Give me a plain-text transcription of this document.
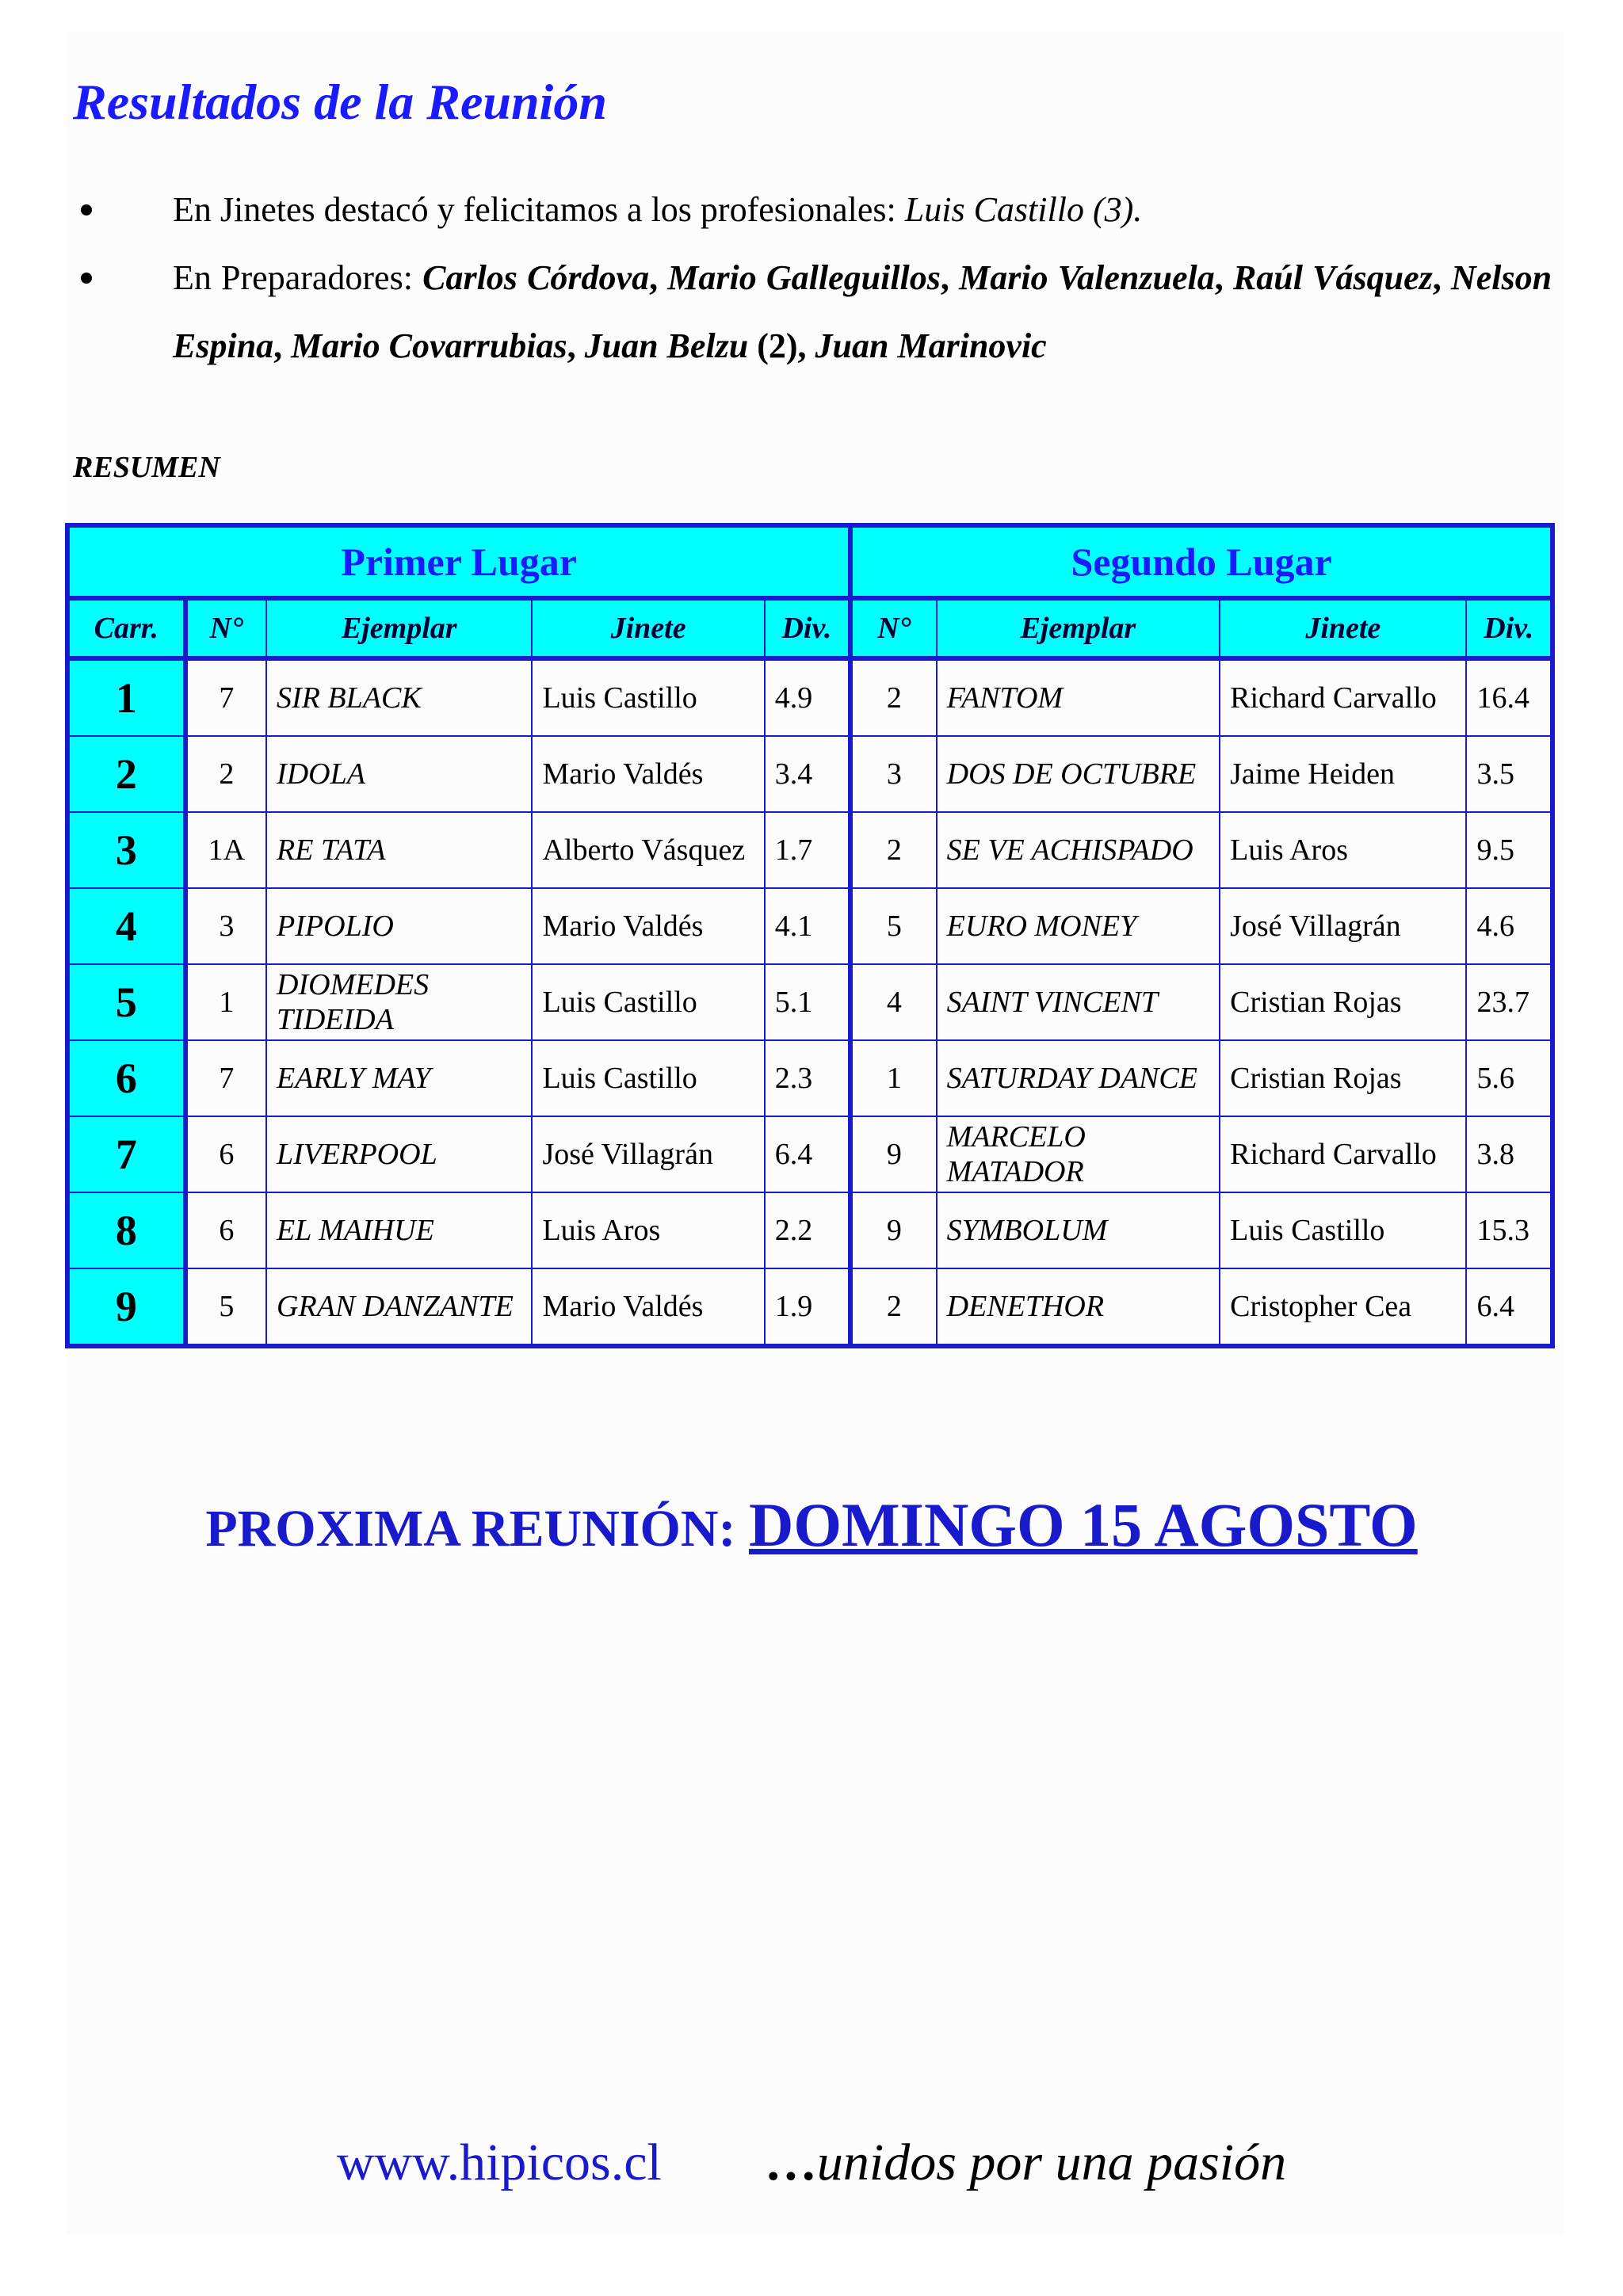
Resultados de la Reunión
En Jinetes destacó y felicitamos a los profesionales: Luis Castillo (3).
En Preparadores: Carlos Córdova, Mario Galleguillos, Mario Valenzuela, Raúl Vásquez, Nelson Espina, Mario Covarrubias, Juan Belzu (2), Juan Marinovic
RESUMEN
Primer Lugar					Segundo Lugar			
Carr.	N°	Ejemplar	Jinete	Div.	N°	Ejemplar	Jinete	Div.
1	7	SIR BLACK	Luis Castillo	4.9	2	FANTOM	Richard Carvallo	16.4
2	2	IDOLA	Mario Valdés	3.4	3	DOS DE OCTUBRE	Jaime Heiden	3.5
3	1A	RE TATA	Alberto Vásquez	1.7	2	SE VE ACHISPADO	Luis Aros	9.5
4	3	PIPOLIO	Mario Valdés	4.1	5	EURO MONEY	José Villagrán	4.6
5	1	DIOMEDES TIDEIDA	Luis Castillo	5.1	4	SAINT VINCENT	Cristian Rojas	23.7
6	7	EARLY MAY	Luis Castillo	2.3	1	SATURDAY DANCE	Cristian Rojas	5.6
7	6	LIVERPOOL	José Villagrán	6.4	9	MARCELO MATADOR	Richard Carvallo	3.8
8	6	EL MAIHUE	Luis Aros	2.2	9	SYMBOLUM	Luis Castillo	15.3
9	5	GRAN DANZANTE	Mario Valdés	1.9	2	DENETHOR	Cristopher Cea	6.4
PROXIMA REUNIÓN: DOMINGO 15 AGOSTO
www.hipicos.cl …unidos por una pasión
